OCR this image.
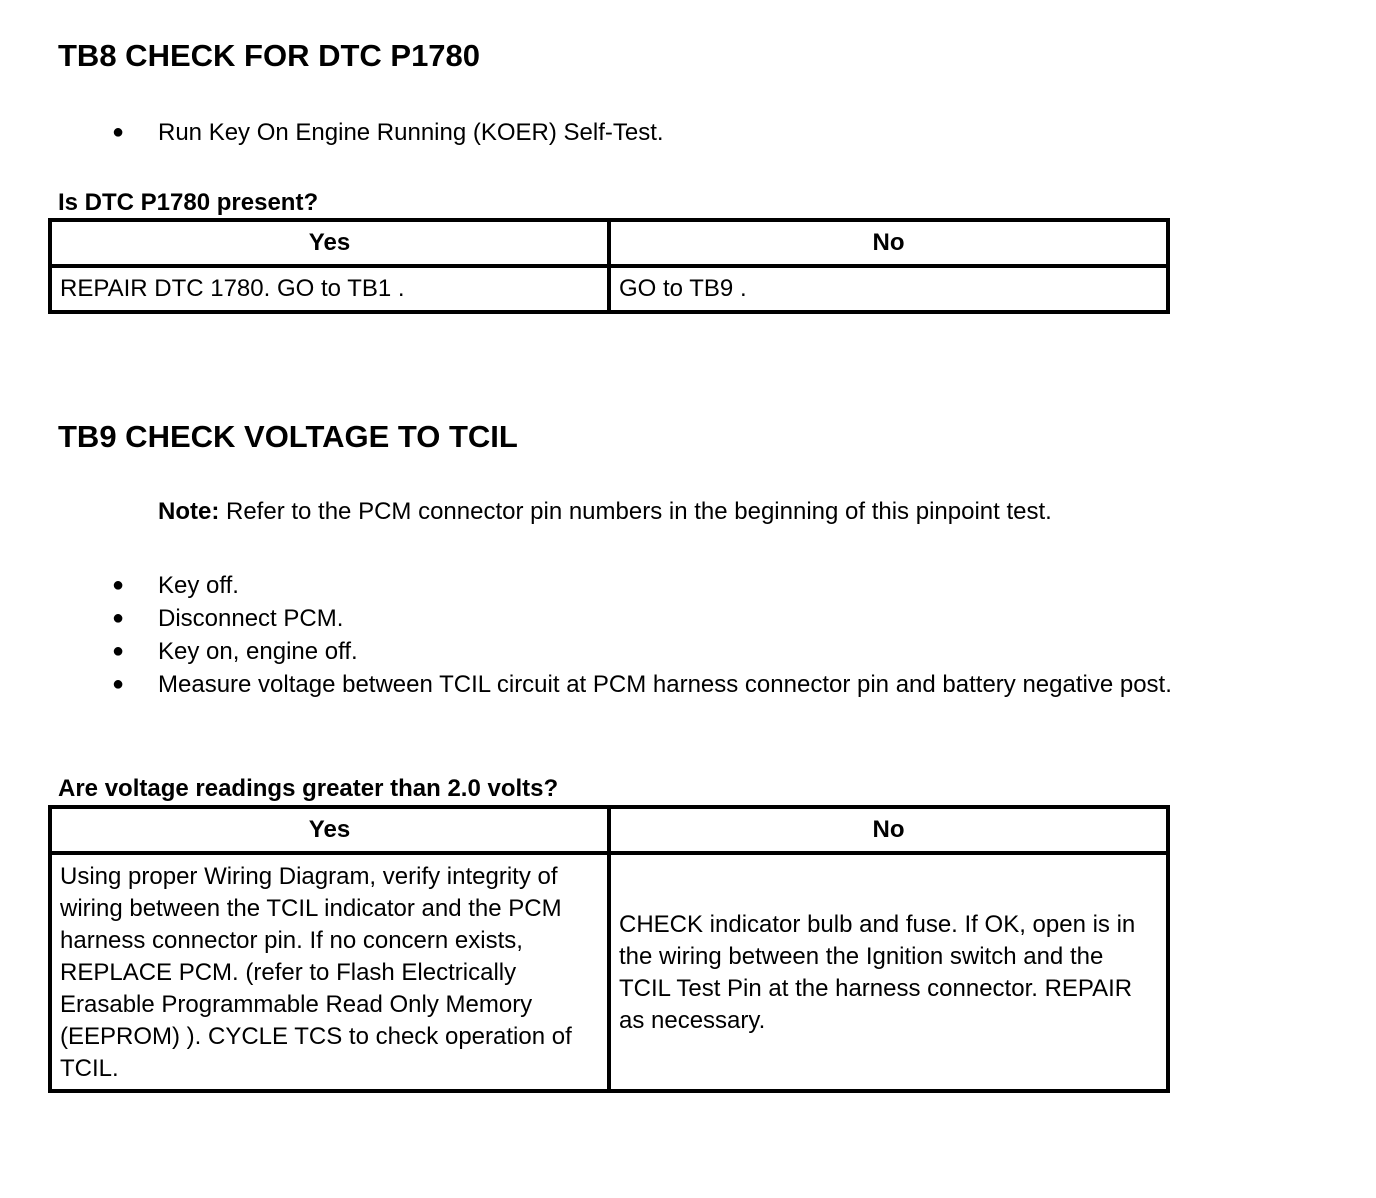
TB8 CHECK FOR DTC P1780
● Run Key On Engine Running (KOER) Self-Test.

Is DTC P1780 present?

Yes	No
REPAIR DTC 1780. GO to TB1 .	GO to TB9 .
TB9 CHECK VOLTAGE TO TCIL

Note: Refer to the PCM connector pin numbers in the beginning of this pinpoint test.

● Key off.
● Disconnect PCM.
● Key on, engine off.
● Measure voltage between TCIL circuit at PCM harness connector pin and battery negative post.

Are voltage readings greater than 2.0 volts?

Yes	No
Using proper Wiring Diagram, verify integrity of wiring between the TCIL indicator and the PCM harness connector pin. If no concern exists, REPLACE PCM. (refer to Flash Electrically Erasable Programmable Read Only Memory (EEPROM) ). CYCLE TCS to check operation of TCIL.	CHECK indicator bulb and fuse. If OK, open is in the wiring between the Ignition switch and the TCIL Test Pin at the harness connector. REPAIR as necessary.
